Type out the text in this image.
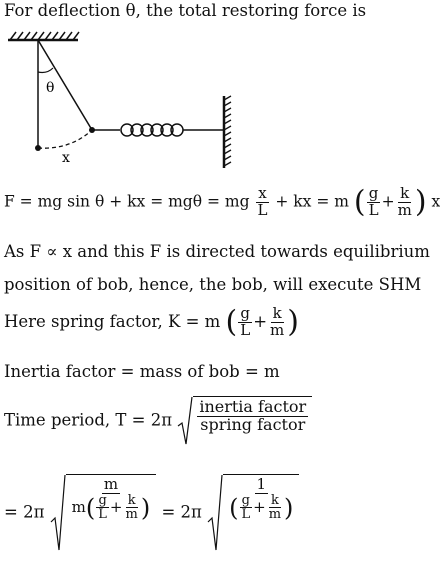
For deflection θ, the total restoring force is
θ
x
F = mg sin θ + kx = mgθ = mg $\frac{x}{L}$ + kx = m ( $\frac{g}{L} + \frac{k}{m}$ ) x
As F ∝ x and this F is directed towards equilibrium
position of bob, hence, the bob, will execute SHM
Here spring factor, K = m ( $\frac{g}{L} + \frac{k}{m}$ )
Inertia factor = mass of bob = m
Time period, $T = 2\pi \frac{\text{inertia factor}}{\text{spring factor}}$
= $2\pi \frac{m}{m( \frac{g}{L} + \frac{k}{m} )} = 2\pi \frac{1}{( \frac{g}{L} + \frac{k}{m} )}$
